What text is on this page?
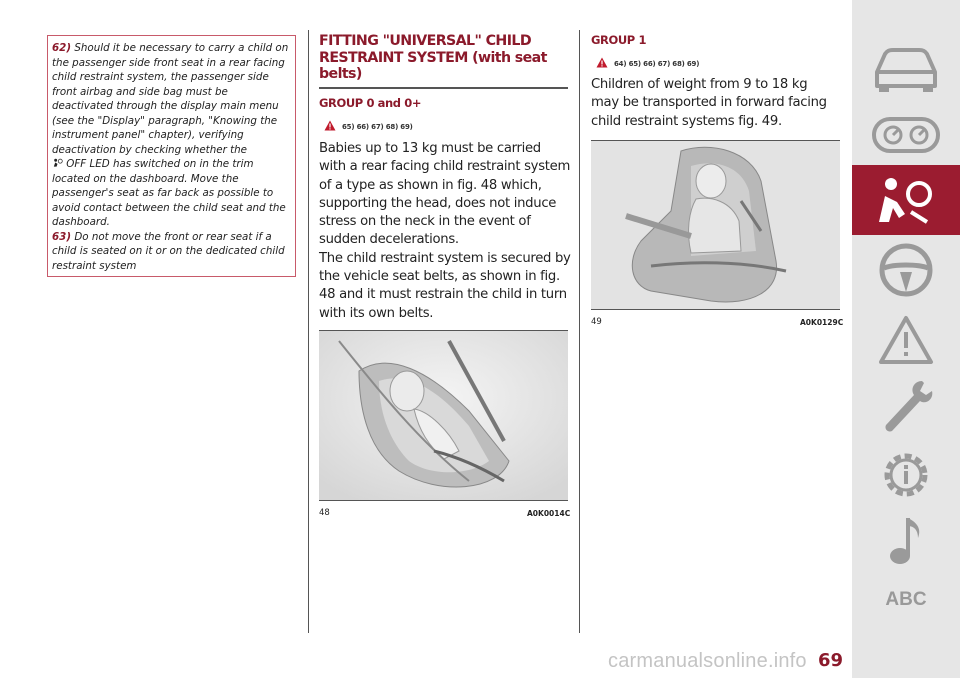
62) Should it be necessary to carry a child on the passenger side front seat in a rear facing child restraint system, the passenger side front airbag and side bag must be deactivated through the display main menu (see the "Display" paragraph, "Knowing the instrument panel" chapter), verifying deactivation by checking whether the
OFF LED has switched on in the trim located on the dashboard. Move the passenger's seat as far back as possible to avoid contact between the child seat and the dashboard.
63) Do not move the front or rear seat if a child is seated on it or on the dedicated child restraint system
FITTING "UNIVERSAL" CHILD RESTRAINT SYSTEM (with seat belts)
GROUP 0 and 0+
65) 66) 67) 68) 69)

Babies up to 13 kg must be carried with a rear facing child restraint system of a type as shown in fig. 48 which, supporting the head, does not induce stress on the neck in the event of sudden decelerations.

The child restraint system is secured by the vehicle seat belts, as shown in fig. 48 and it must restrain the child in turn with its own belts.

48	A0K0014C
GROUP 1
64) 65) 66) 67) 68) 69)

Children of weight from 9 to 18 kg may be transported in forward facing child restraint systems fig. 49.

49	A0K0129C
ABC
carmanualsonline.info 69
